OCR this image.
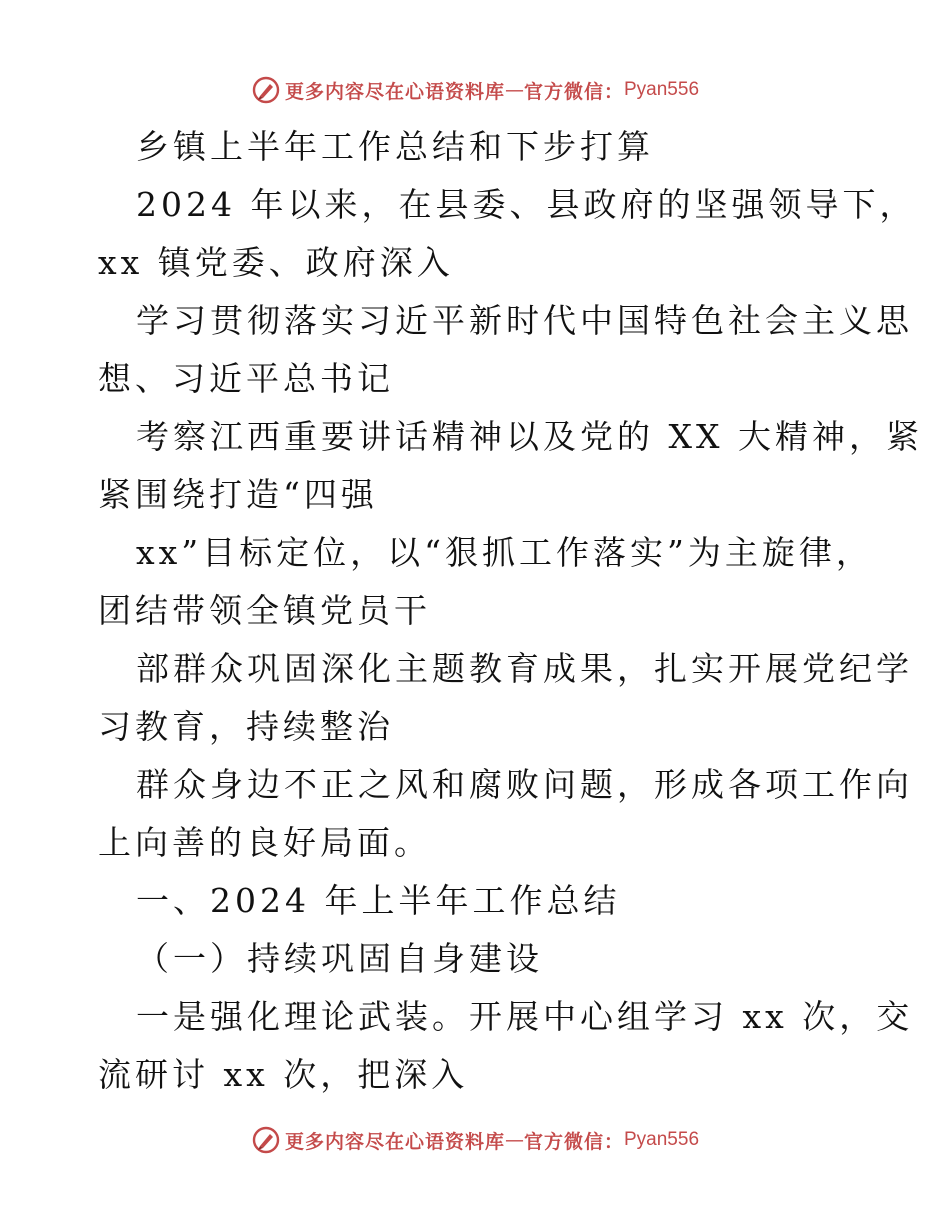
更多内容尽在心语资料库 — 官方微信： Pyan556
乡镇上半年工作总结和下步打算
2024 年以来，在县委、县政府的坚强领导下，
xx 镇党委、政府深入
学习贯彻落实习近平新时代中国特色社会主义思
想、习近平总书记
考察江西重要讲话精神以及党的 XX 大精神，紧
紧围绕打造“四强
xx”目标定位，以“狠抓工作落实”为主旋律，
团结带领全镇党员干
部群众巩固深化主题教育成果，扎实开展党纪学
习教育，持续整治
群众身边不正之风和腐败问题，形成各项工作向
上向善的良好局面。
一、2024 年上半年工作总结
（一）持续巩固自身建设
一是强化理论武装。开展中心组学习 xx 次，交
流研讨 xx 次，把深入
更多内容尽在心语资料库 — 官方微信： Pyan556
